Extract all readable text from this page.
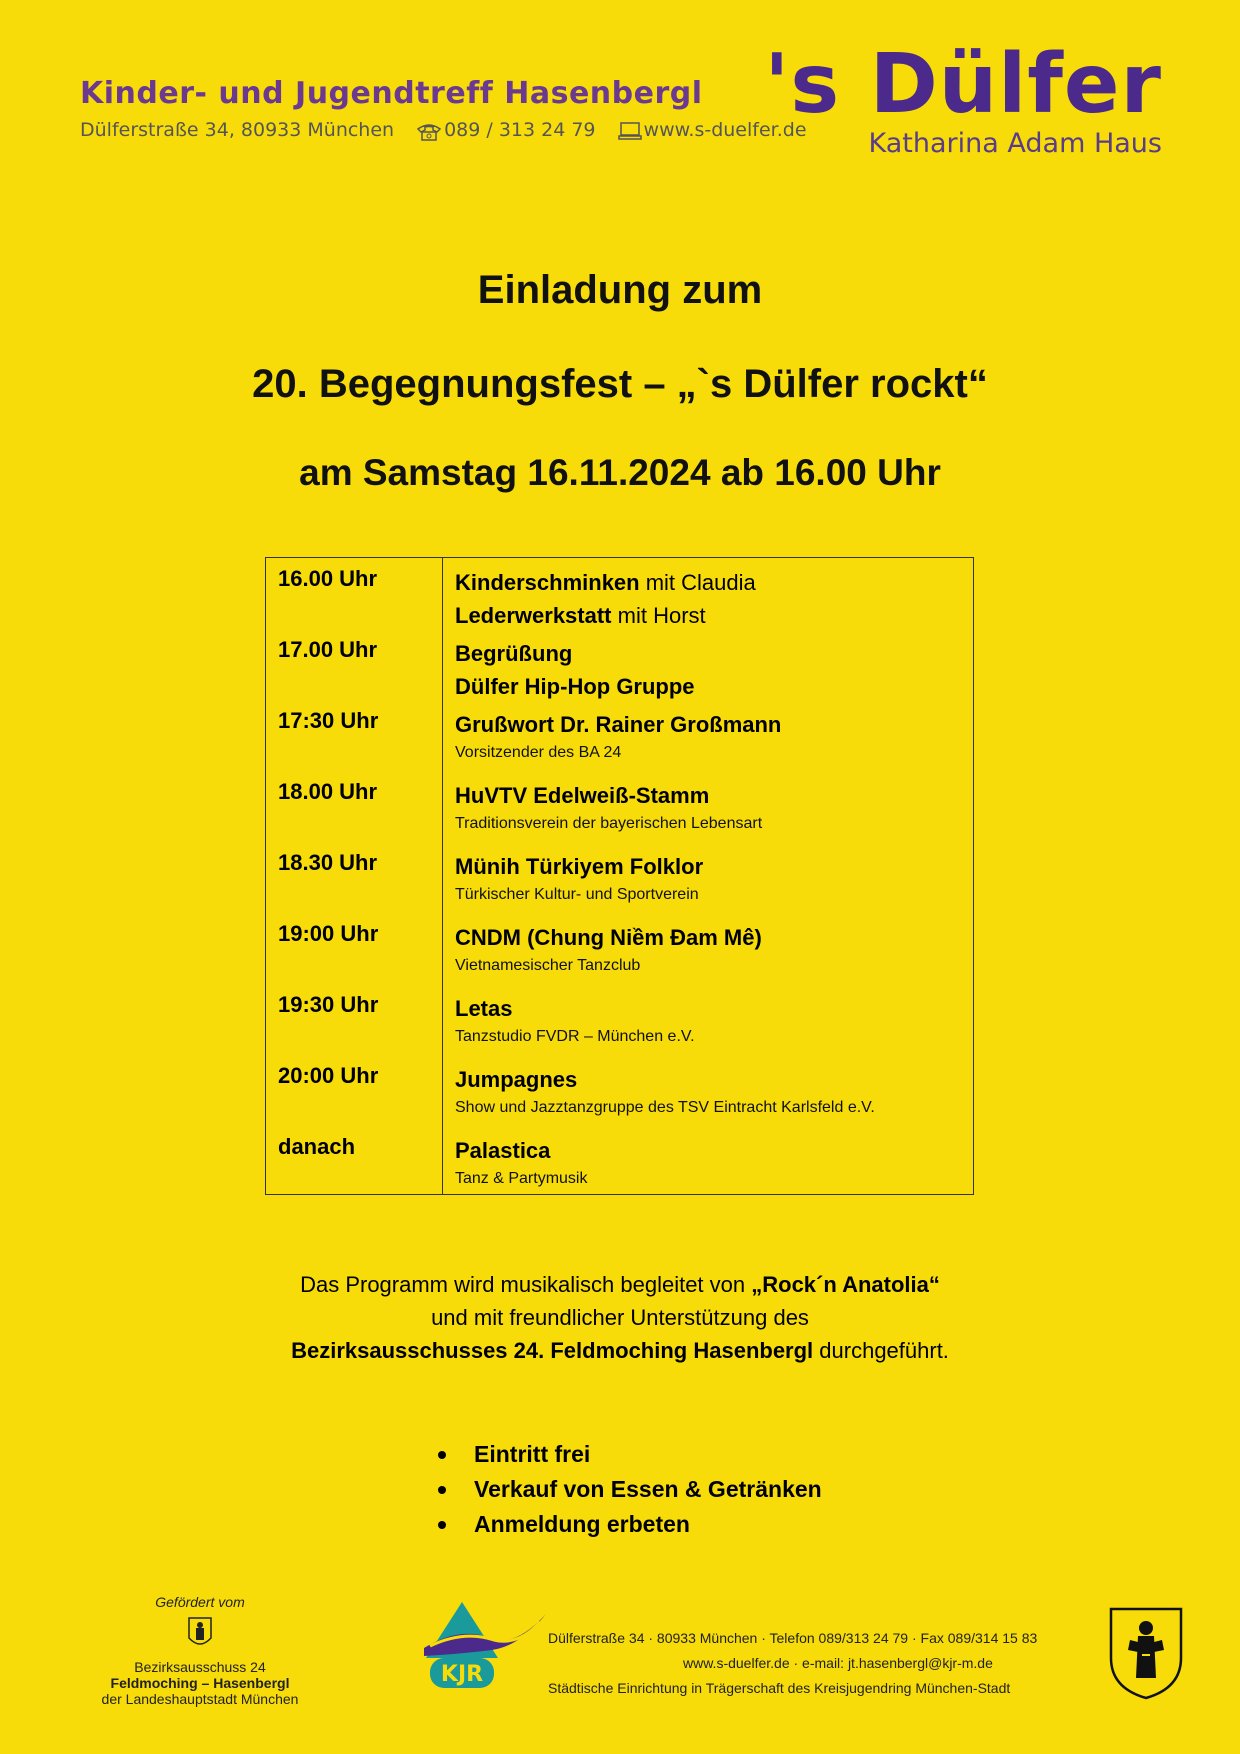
Kinder- und Jugendtreff Hasenbergl
Dülferstraße 34, 80933 München	089 / 313 24 79	www.s-duelfer.de
's Dülfer
Katharina Adam Haus
Einladung zum
20. Begegnungsfest – „`s Dülfer rockt“
am Samstag 16.11.2024 ab 16.00 Uhr
16.00 Uhr	Kinderschminken mit Claudia
Lederwerkstatt mit Horst
17.00 Uhr	Begrüßung
Dülfer Hip-Hop Gruppe
17:30 Uhr	Grußwort Dr. Rainer Großmann
Vorsitzender des BA 24
18.00 Uhr	HuVTV Edelweiß-Stamm
Traditionsverein der bayerischen Lebensart
18.30 Uhr	Münih Türkiyem Folklor
Türkischer Kultur- und Sportverein
19:00 Uhr	CNDM (Chung Niềm Đam Mê)
Vietnamesischer Tanzclub
19:30 Uhr	Letas
Tanzstudio FVDR – München e.V.
20:00 Uhr	Jumpagnes
Show und Jazztanzgruppe des TSV Eintracht Karlsfeld e.V.
danach	Palastica
Tanz & Partymusik
Das Programm wird musikalisch begleitet von „Rock´n Anatolia“
und mit freundlicher Unterstützung des
Bezirksausschusses 24. Feldmoching Hasenbergl durchgeführt.
Eintritt frei
Verkauf von Essen & Getränken
Anmeldung erbeten
Gefördert vom
Bezirksausschuss 24
Feldmoching – Hasenbergl
der Landeshauptstadt München
KJR
Dülferstraße 34 · 80933 München · Telefon 089/313 24 79 · Fax 089/314 15 83
www.s-duelfer.de · e-mail: jt.hasenbergl@kjr-m.de
Städtische Einrichtung in Trägerschaft des Kreisjugendring München-Stadt
